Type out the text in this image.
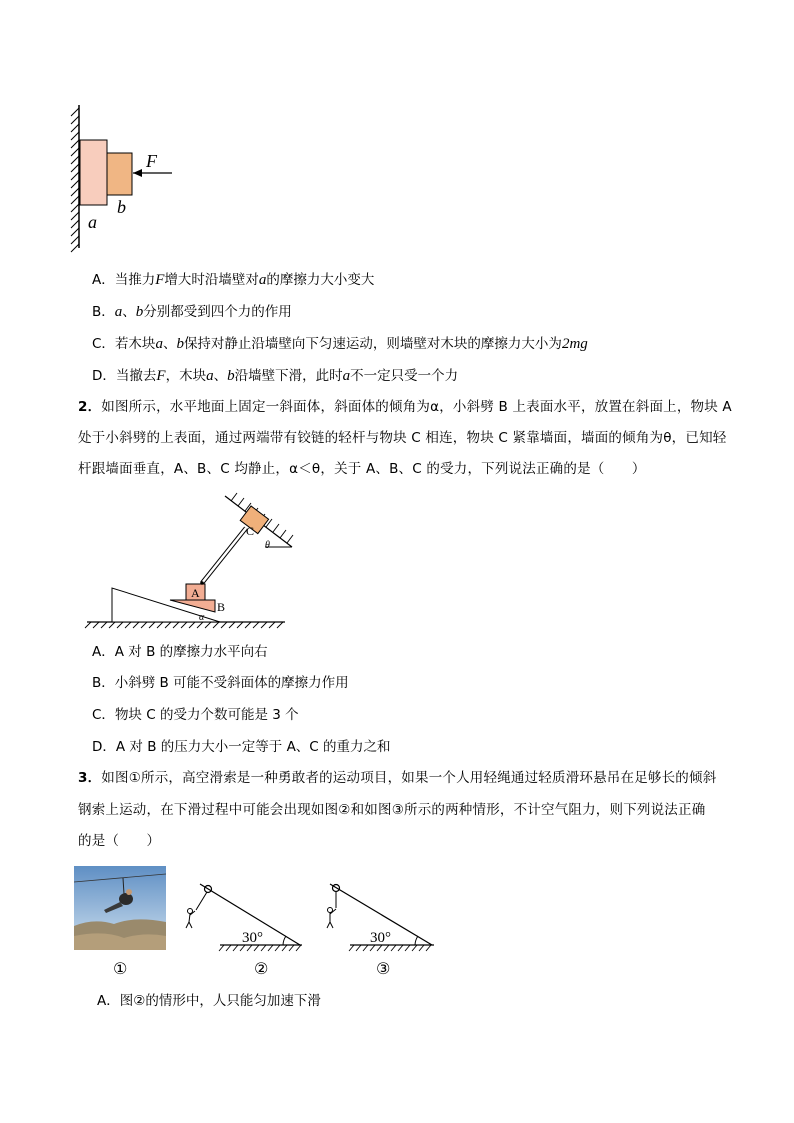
F
b
a
A．当推力F增大时沿墙壁对a的摩擦力大小变大
B．a、b分别都受到四个力的作用
C．若木块a、b保持对静止沿墙壁向下匀速运动，则墙壁对木块的摩擦力大小为2mg
D．当撤去F，木块a、b沿墙壁下滑，此时a不一定只受一个力
2．如图所示，水平地面上固定一斜面体，斜面体的倾角为α，小斜劈 B 上表面水平，放置在斜面上，物块 A
处于小斜劈的上表面，通过两端带有铰链的轻杆与物块 C 相连，物块 C 紧靠墙面，墙面的倾角为θ，已知轻
杆跟墙面垂直，A、B、C 均静止，α＜θ，关于 A、B、C 的受力，下列说法正确的是（　　）
A
B
α
C
θ
A．A 对 B 的摩擦力水平向右
B．小斜劈 B 可能不受斜面体的摩擦力作用
C．物块 C 的受力个数可能是 3 个
D．A 对 B 的压力大小一定等于 A、C 的重力之和
3．如图①所示，高空滑索是一种勇敢者的运动项目，如果一个人用轻绳通过轻质滑环悬吊在足够长的倾斜
钢索上运动，在下滑过程中可能会出现如图②和如图③所示的两种情形，不计空气阻力，则下列说法正确
的是（　　）
30°	30°
①	②	③
A．图②的情形中，人只能匀加速下滑
